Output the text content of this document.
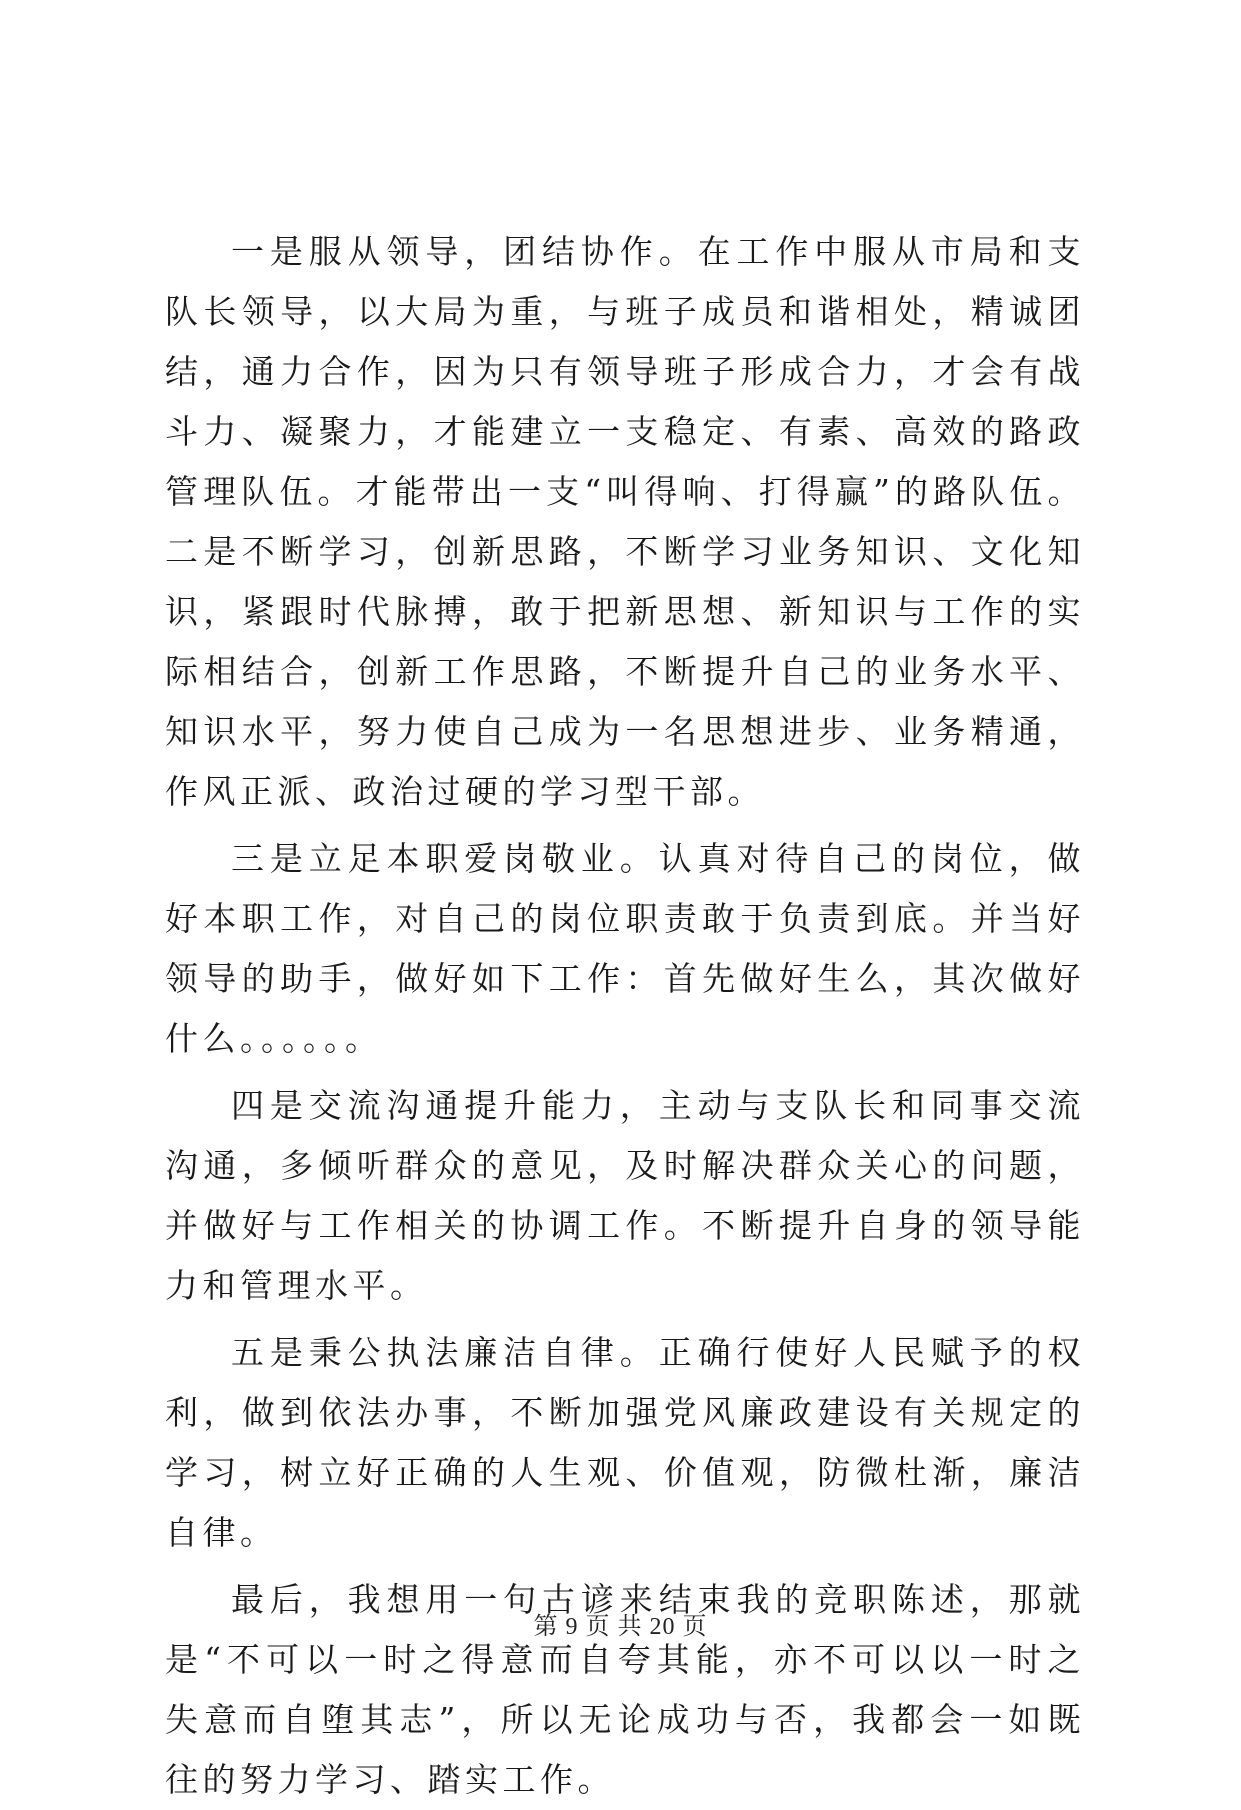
一是服从领导，团结协作。在工作中服从市局和支队长领导，以大局为重，与班子成员和谐相处，精诚团结，通力合作，因为只有领导班子形成合力，才会有战斗力、凝聚力，才能建立一支稳定、有素、高效的路政管理队伍。才能带出一支“叫得响、打得赢”的路队伍。二是不断学习，创新思路，不断学习业务知识、文化知识，紧跟时代脉搏，敢于把新思想、新知识与工作的实际相结合，创新工作思路，不断提升自己的业务水平、知识水平，努力使自己成为一名思想进步、业务精通，作风正派、政治过硬的学习型干部。

三是立足本职爱岗敬业。认真对待自己的岗位，做好本职工作，对自己的岗位职责敢于负责到底。并当好领导的助手，做好如下工作：首先做好生么，其次做好什么。。。。。。

四是交流沟通提升能力，主动与支队长和同事交流沟通，多倾听群众的意见，及时解决群众关心的问题，并做好与工作相关的协调工作。不断提升自身的领导能力和管理水平。

五是秉公执法廉洁自律。正确行使好人民赋予的权利，做到依法办事，不断加强党风廉政建设有关规定的学习，树立好正确的人生观、价值观，防微杜渐，廉洁自律。

最后，我想用一句古谚来结束我的竞职陈述，那就是“不可以一时之得意而自夸其能，亦不可以以一时之失意而自堕其志”，所以无论成功与否，我都会一如既往的努力学习、踏实工作。

第 9 页 共 20 页
